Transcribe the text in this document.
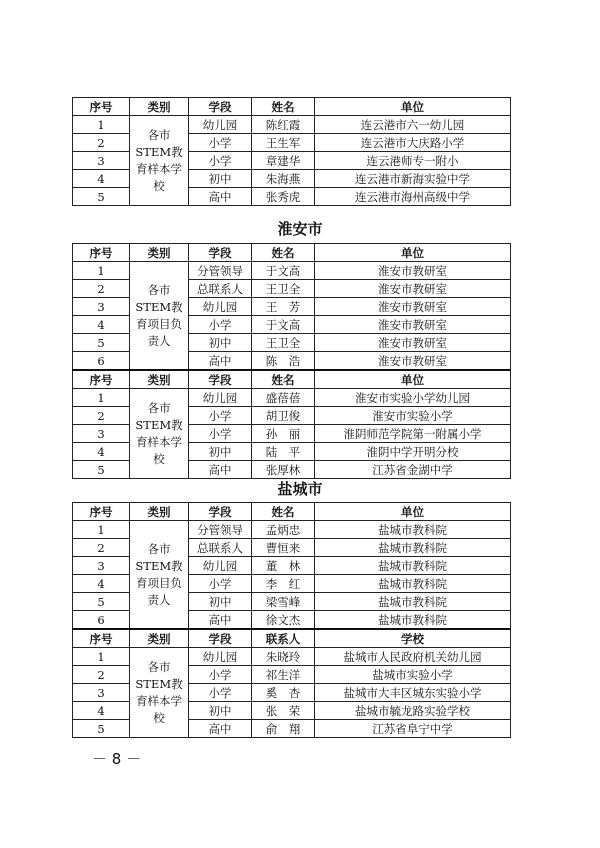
序号	类别	学段	姓名	单位
1	各市STEM教育样本学校	幼儿园	陈红霞	连云港市六一幼儿园
2		小学	王生军	连云港市大庆路小学
3		小学	章建华	连云港师专一附小
4		初中	朱海燕	连云港市新海实验中学
5		高中	张秀虎	连云港市海州高级中学
淮安市
序号	类别	学段	姓名	单位
1	各市STEM教育项目负责人	分管领导	于文高	淮安市教研室
2		总联系人	王卫全	淮安市教研室
3		幼儿园	王　芳	淮安市教研室
4		小学	于文高	淮安市教研室
5		初中	王卫全	淮安市教研室
6		高中	陈　浩	淮安市教研室
序号	类别	学段	姓名	单位
1	各市STEM教育样本学校	幼儿园	盛蓓蓓	淮安市实验小学幼儿园
2		小学	胡卫俊	淮安市实验小学
3		小学	孙　丽	淮阴师范学院第一附属小学
4		初中	陆　平	淮阴中学开明分校
5		高中	张厚林	江苏省金湖中学
盐城市
序号	类别	学段	姓名	单位
1	各市STEM教育项目负责人	分管领导	孟炳忠	盐城市教科院
2		总联系人	曹恒来	盐城市教科院
3		幼儿园	董　林	盐城市教科院
4		小学	李　红	盐城市教科院
5		初中	梁雪峰	盐城市教科院
6		高中	徐文杰	盐城市教科院
序号	类别	学段	联系人	学校
1	各市STEM教育样本学校	幼儿园	朱晓玲	盐城市人民政府机关幼儿园
2		小学	祁生洋	盐城市实验小学
3		小学	奚　杏	盐城市大丰区城东实验小学
4		初中	张　荣	盐城市毓龙路实验学校
5		高中	俞　翔	江苏省阜宁中学
－ 8 －
